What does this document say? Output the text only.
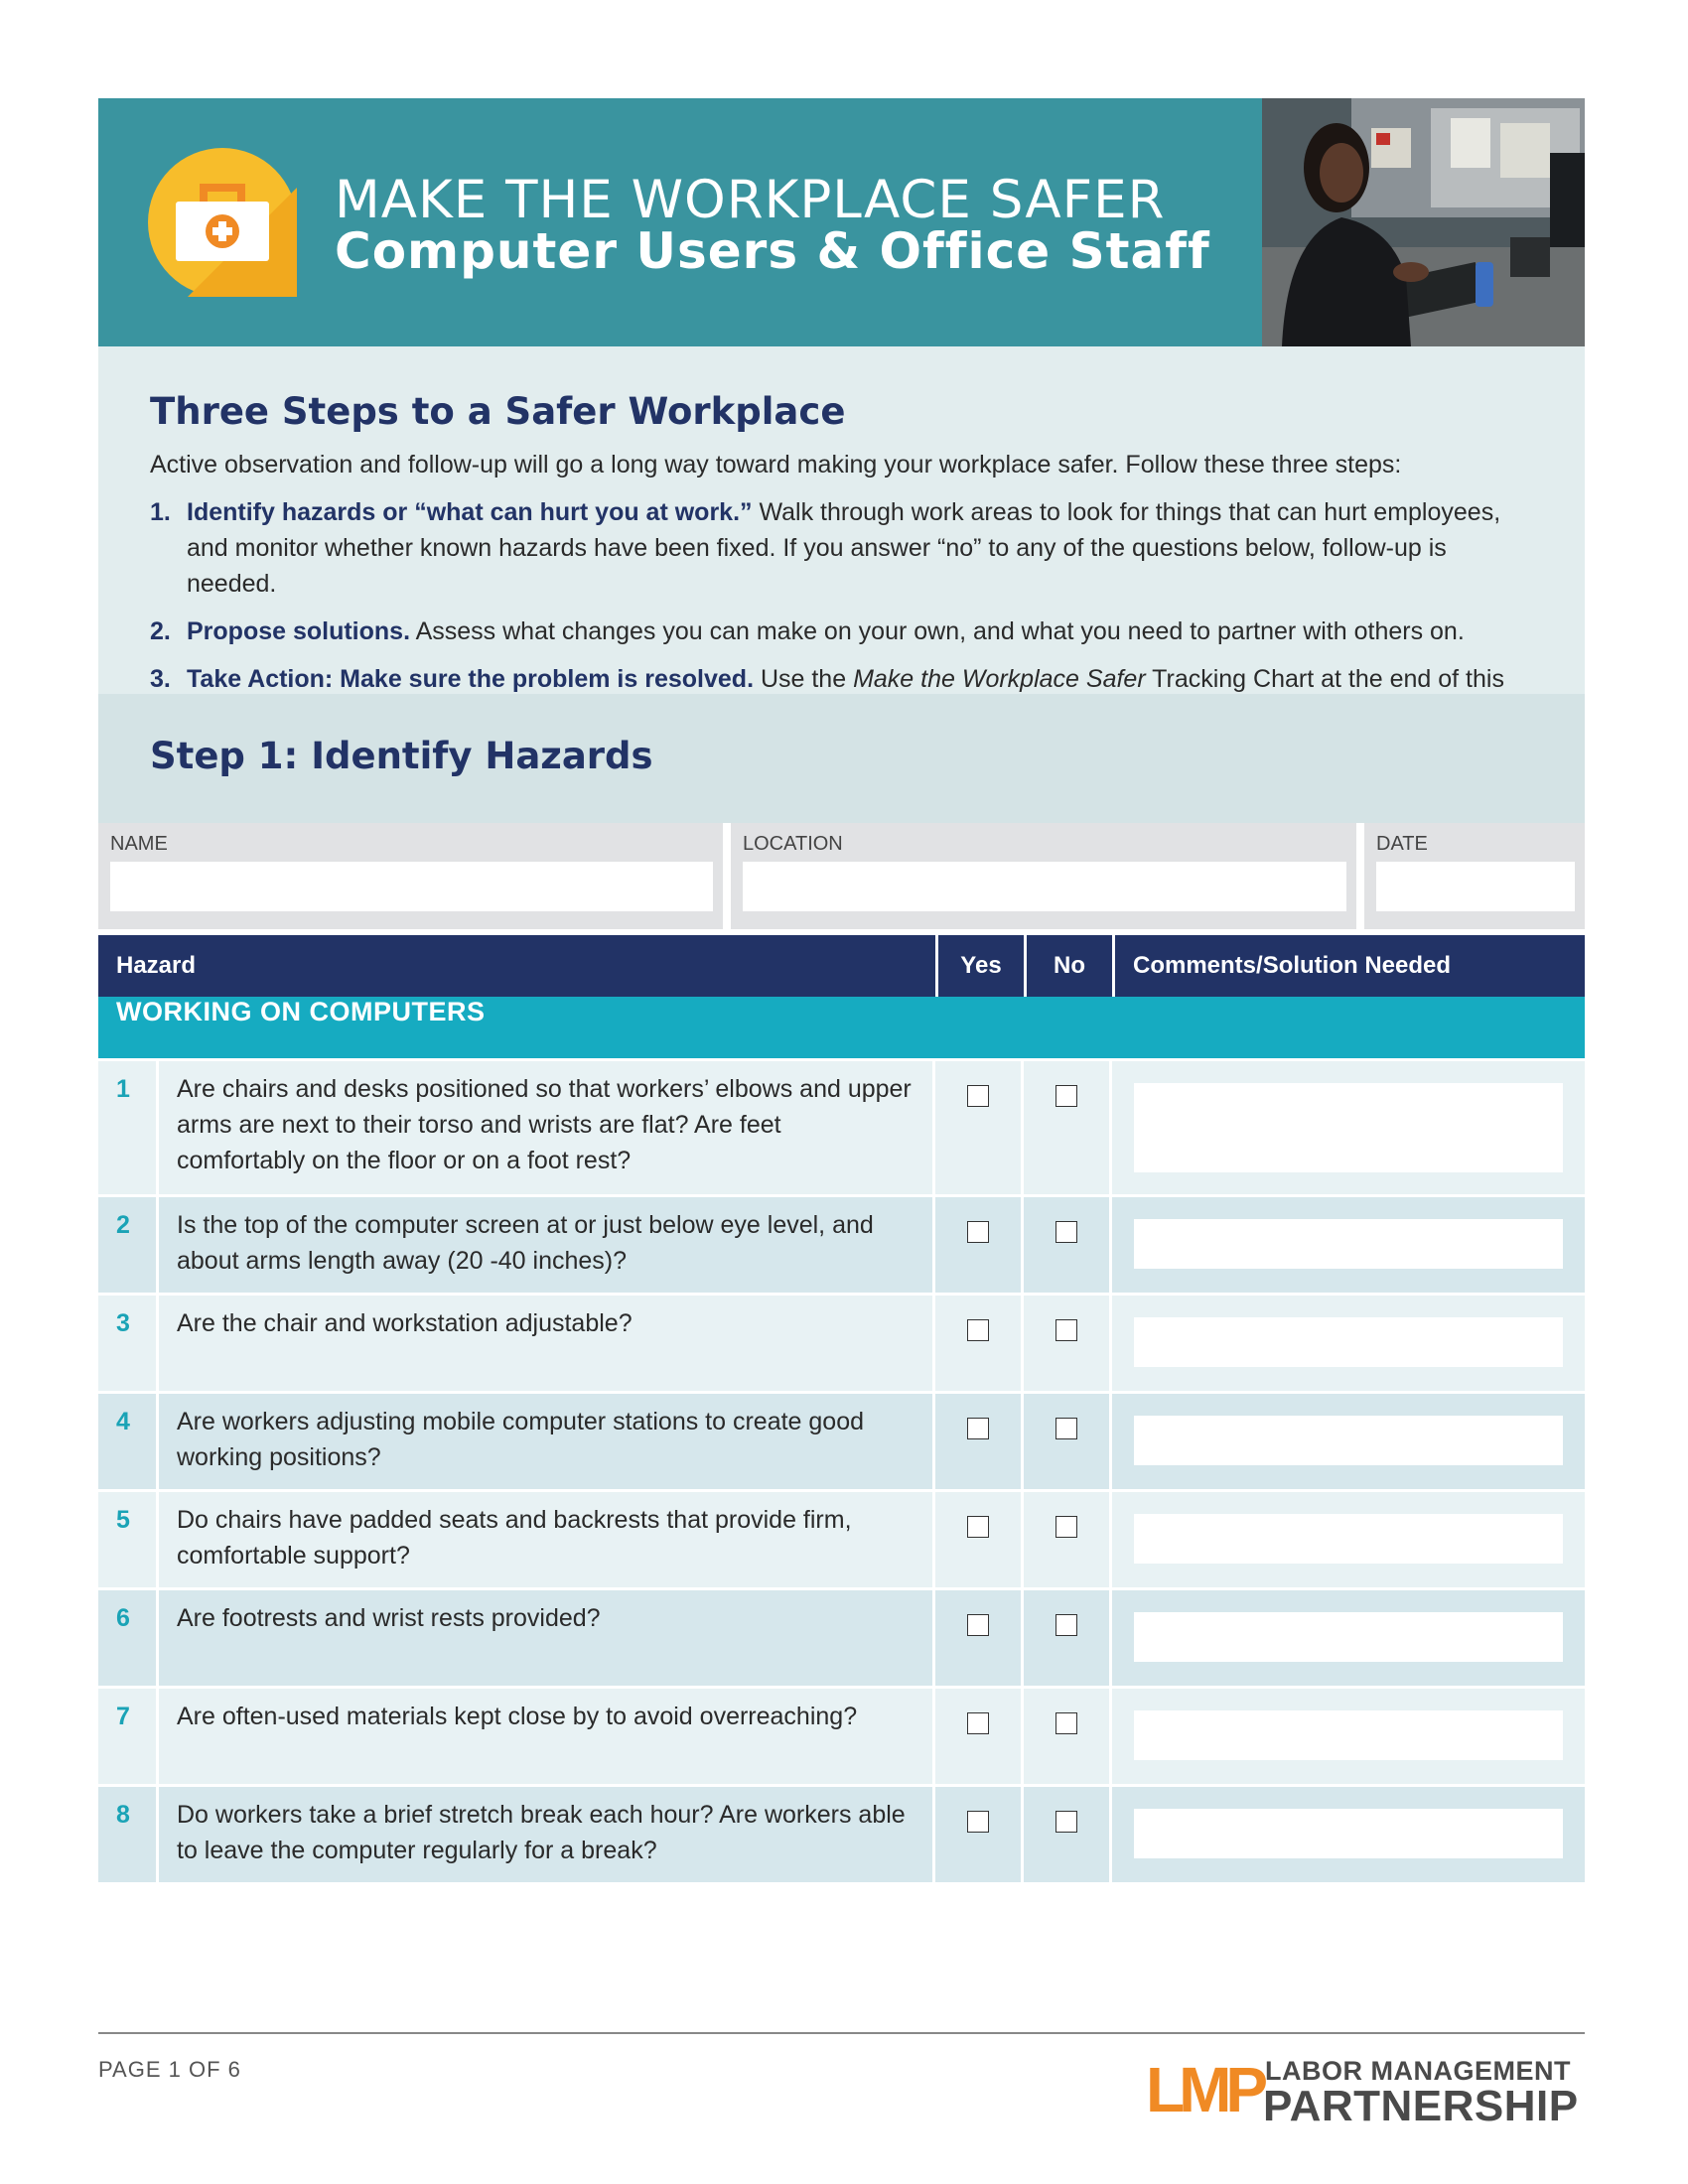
MAKE THE WORKPLACE SAFER
Computer Users & Office Staff
Three Steps to a Safer Workplace

Active observation and follow-up will go a long way toward making your workplace safer. Follow these three steps:

1. Identify hazards or “what can hurt you at work.” Walk through work areas to look for things that can hurt employees, and monitor whether known hazards have been fixed. If you answer “no” to any of the questions below, follow-up is needed.
2. Propose solutions. Assess what changes you can make on your own, and what you need to partner with others on.
3. Take Action: Make sure the problem is resolved. Use the Make the Workplace Safer Tracking Chart at the end of this
Step 1: Identify Hazards
NAME	LOCATION	DATE
Hazard		Yes	No	Comments/Solution Needed
WORKING ON COMPUTERS				
1	Are chairs and desks positioned so that workers’ elbows and upper arms are next to their torso and wrists are flat? Are feet comfortably on the floor or on a foot rest?			

2	Is the top of the computer screen at or just below eye level, and about arms length away (20 -40 inches)?			

3	Are the chair and workstation adjustable?			

4	Are workers adjusting mobile computer stations to create good working positions?			

5	Do chairs have padded seats and backrests that provide firm, comfortable support?			

6	Are footrests and wrist rests provided?			

7	Are often-used materials kept close by to avoid overreaching?			

8	Do workers take a brief stretch break each hour? Are workers able to leave the computer regularly for a break?			
PAGE 1 OF 6	LMP LABOR MANAGEMENT
PARTNERSHIP
